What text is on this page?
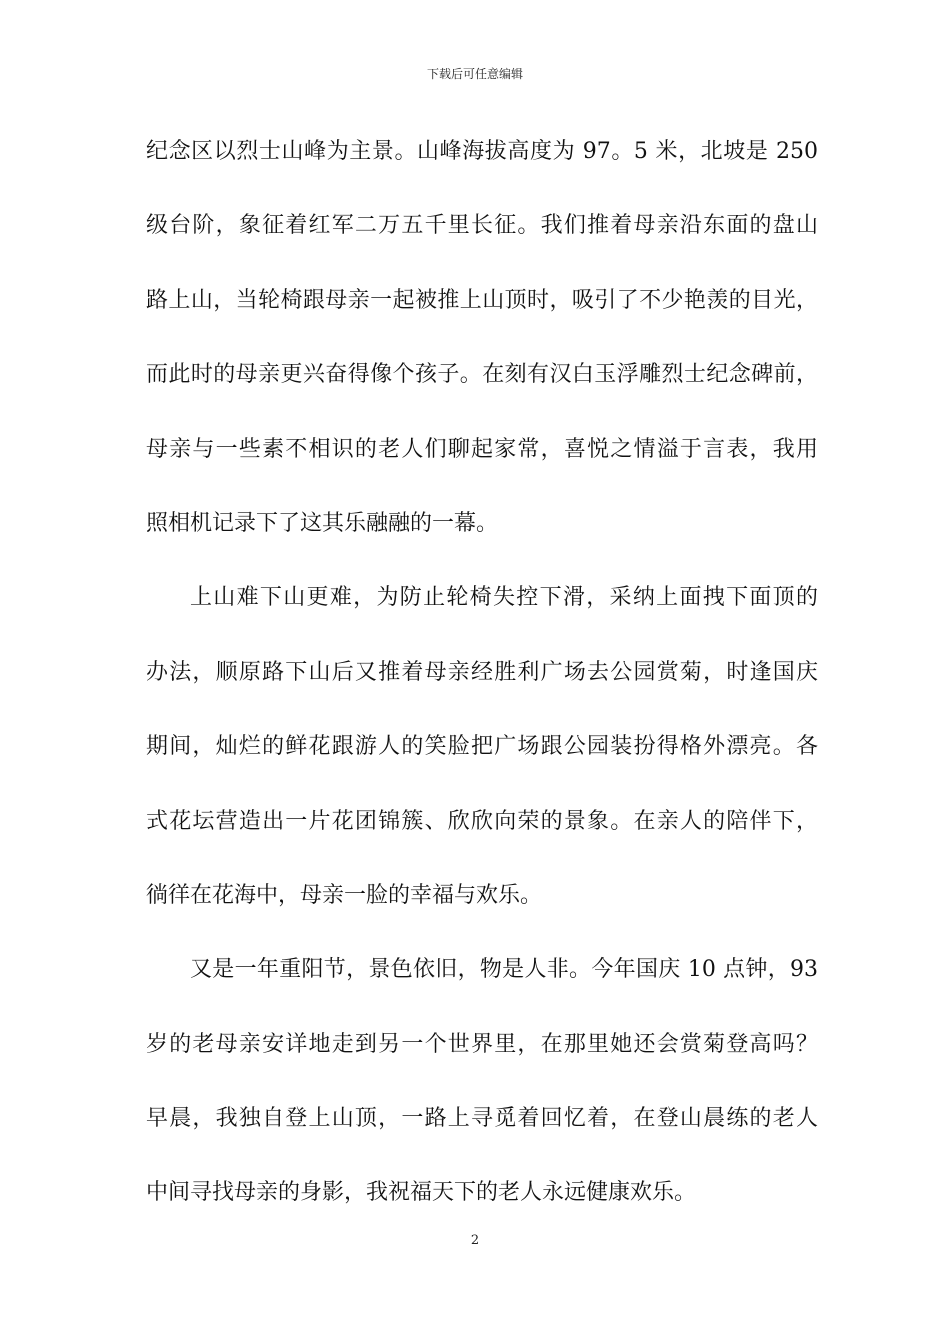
下载后可任意编辑
纪念区以烈士山峰为主景。山峰海拔高度为 97。5 米，北坡是 250
级台阶，象征着红军二万五千里长征。我们推着母亲沿东面的盘山
路上山，当轮椅跟母亲一起被推上山顶时，吸引了不少艳羡的目光，
而此时的母亲更兴奋得像个孩子。在刻有汉白玉浮雕烈士纪念碑前，
母亲与一些素不相识的老人们聊起家常，喜悦之情溢于言表，我用
照相机记录下了这其乐融融的一幕。
上山难下山更难，为防止轮椅失控下滑，采纳上面拽下面顶的
办法，顺原路下山后又推着母亲经胜利广场去公园赏菊，时逢国庆
期间，灿烂的鲜花跟游人的笑脸把广场跟公园装扮得格外漂亮。各
式花坛营造出一片花团锦簇、欣欣向荣的景象。在亲人的陪伴下，
徜徉在花海中，母亲一脸的幸福与欢乐。
又是一年重阳节，景色依旧，物是人非。今年国庆 10 点钟，93
岁的老母亲安详地走到另一个世界里，在那里她还会赏菊登高吗？
早晨，我独自登上山顶，一路上寻觅着回忆着，在登山晨练的老人
中间寻找母亲的身影，我祝福天下的老人永远健康欢乐。
2
